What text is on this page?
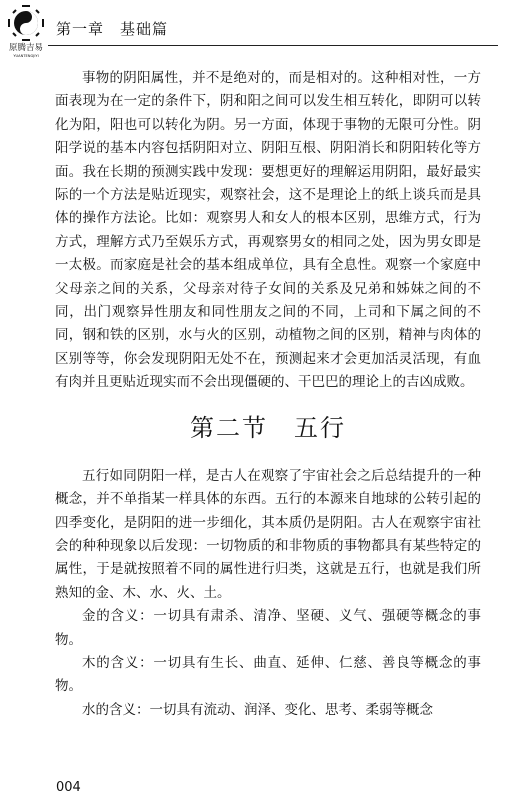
原腾吉易
YUANTENGJIYI
第一章　基础篇

事物的阴阳属性，并不是绝对的，而是相对的。这种相对性，一方面表现为在一定的条件下，阴和阳之间可以发生相互转化，即阴可以转化为阳，阳也可以转化为阴。另一方面，体现于事物的无限可分性。阴阳学说的基本内容包括阴阳对立、阴阳互根、阴阳消长和阴阳转化等方面。我在长期的预测实践中发现：要想更好的理解运用阴阳，最好最实际的一个方法是贴近现实，观察社会，这不是理论上的纸上谈兵而是具体的操作方法论。比如：观察男人和女人的根本区别，思维方式，行为方式，理解方式乃至娱乐方式，再观察男女的相同之处，因为男女即是一太极。而家庭是社会的基本组成单位，具有全息性。观察一个家庭中父母亲之间的关系，父母亲对待子女间的关系及兄弟和姊妹之间的不同，出门观察异性朋友和同性朋友之间的不同，上司和下属之间的不同，钢和铁的区别，水与火的区别，动植物之间的区别，精神与肉体的区别等等，你会发现阴阳无处不在，预测起来才会更加活灵活现，有血有肉并且更贴近现实而不会出现僵硬的、干巴巴的理论上的吉凶成败。

第二节　五行

五行如同阴阳一样，是古人在观察了宇宙社会之后总结提升的一种概念，并不单指某一样具体的东西。五行的本源来自地球的公转引起的四季变化，是阴阳的进一步细化，其本质仍是阴阳。古人在观察宇宙社会的种种现象以后发现：一切物质的和非物质的事物都具有某些特定的属性，于是就按照着不同的属性进行归类，这就是五行，也就是我们所熟知的金、木、水、火、土。

金的含义：一切具有肃杀、清净、坚硬、义气、强硬等概念的事物。

木的含义：一切具有生长、曲直、延伸、仁慈、善良等概念的事物。

水的含义：一切具有流动、润泽、变化、思考、柔弱等概念

004
